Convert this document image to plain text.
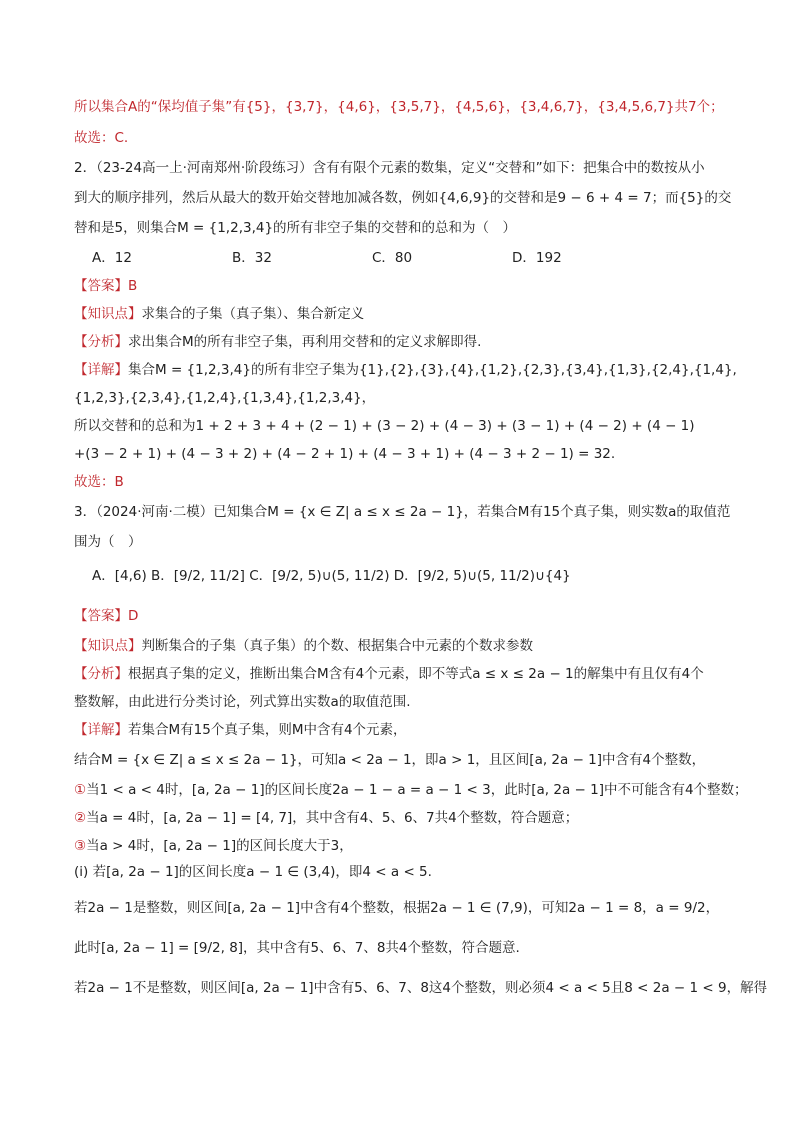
所以集合A的“保均值子集”有{5}，{3,7}，{4,6}，{3,5,7}，{4,5,6}，{3,4,6,7}，{3,4,5,6,7}共7个；
故选：C.
2．（23-24高一上·河南郑州·阶段练习）含有有限个元素的数集，定义“交替和”如下：把集合中的数按从小
到大的顺序排列，然后从最大的数开始交替地加减各数，例如{4,6,9}的交替和是9 − 6 + 4 = 7；而{5}的交
替和是5，则集合M = {1,2,3,4}的所有非空子集的交替和的总和为（　）
A．12	B．32	C．80	D．192
【答案】B
【知识点】求集合的子集（真子集）、集合新定义
【分析】求出集合M的所有非空子集，再利用交替和的定义求解即得.
【详解】集合M = {1,2,3,4}的所有非空子集为{1},{2},{3},{4},{1,2},{2,3},{3,4},{1,3},{2,4},{1,4},
{1,2,3},{2,3,4},{1,2,4},{1,3,4},{1,2,3,4}，
所以交替和的总和为1 + 2 + 3 + 4 + (2 − 1) + (3 − 2) + (4 − 3) + (3 − 1) + (4 − 2) + (4 − 1)
+(3 − 2 + 1) + (4 − 3 + 2) + (4 − 2 + 1) + (4 − 3 + 1) + (4 − 3 + 2 − 1) = 32.
故选：B
3．（2024·河南·二模）已知集合M = {x ∈ Z| a ≤ x ≤ 2a − 1}，若集合M有15个真子集，则实数a的取值范
围为（　）
A．[4,6) B．[9/2, 11/2] C．[9/2, 5)∪(5, 11/2) D．[9/2, 5)∪(5, 11/2)∪{4}
【答案】D
【知识点】判断集合的子集（真子集）的个数、根据集合中元素的个数求参数
【分析】根据真子集的定义，推断出集合M含有4个元素，即不等式a ≤ x ≤ 2a − 1的解集中有且仅有4个
整数解，由此进行分类讨论，列式算出实数a的取值范围.
【详解】若集合M有15个真子集，则M中含有4个元素，
结合M = {x ∈ Z| a ≤ x ≤ 2a − 1}，可知a < 2a − 1，即a > 1，且区间[a, 2a − 1]中含有4个整数，
①当1 < a < 4时，[a, 2a − 1]的区间长度2a − 1 − a = a − 1 < 3，此时[a, 2a − 1]中不可能含有4个整数；
②当a = 4时，[a, 2a − 1] = [4, 7]，其中含有4、5、6、7共4个整数，符合题意；
③当a > 4时，[a, 2a − 1]的区间长度大于3，
(i) 若[a, 2a − 1]的区间长度a − 1 ∈ (3,4)，即4 < a < 5.
若2a − 1是整数，则区间[a, 2a − 1]中含有4个整数，根据2a − 1 ∈ (7,9)，可知2a − 1 = 8，a = 9/2，
此时[a, 2a − 1] = [9/2, 8]，其中含有5、6、7、8共4个整数，符合题意.
若2a − 1不是整数，则区间[a, 2a − 1]中含有5、6、7、8这4个整数，则必须4 < a < 5且8 < 2a − 1 < 9，解得
